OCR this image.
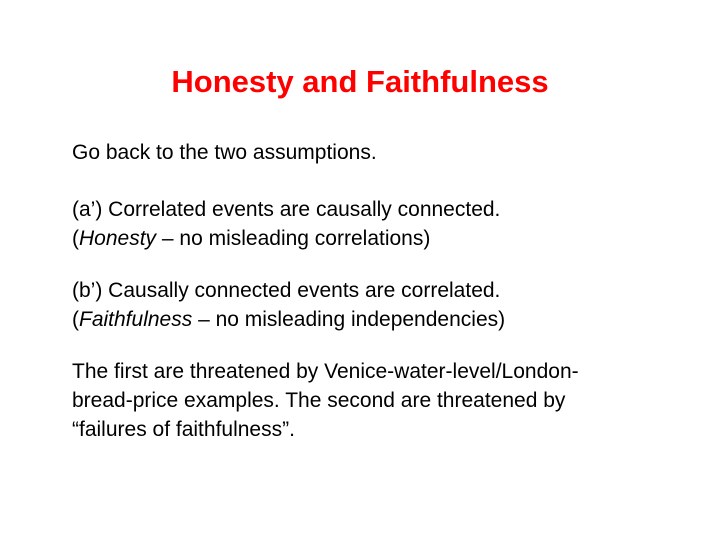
Honesty and Faithfulness

Go back to the two assumptions.

(a’) Correlated events are causally connected.
(Honesty – no misleading correlations)

(b’) Causally connected events are correlated.
(Faithfulness – no misleading independencies)

The first are threatened by Venice-water-level/London-
bread-price examples. The second are threatened by
“failures of faithfulness”.
